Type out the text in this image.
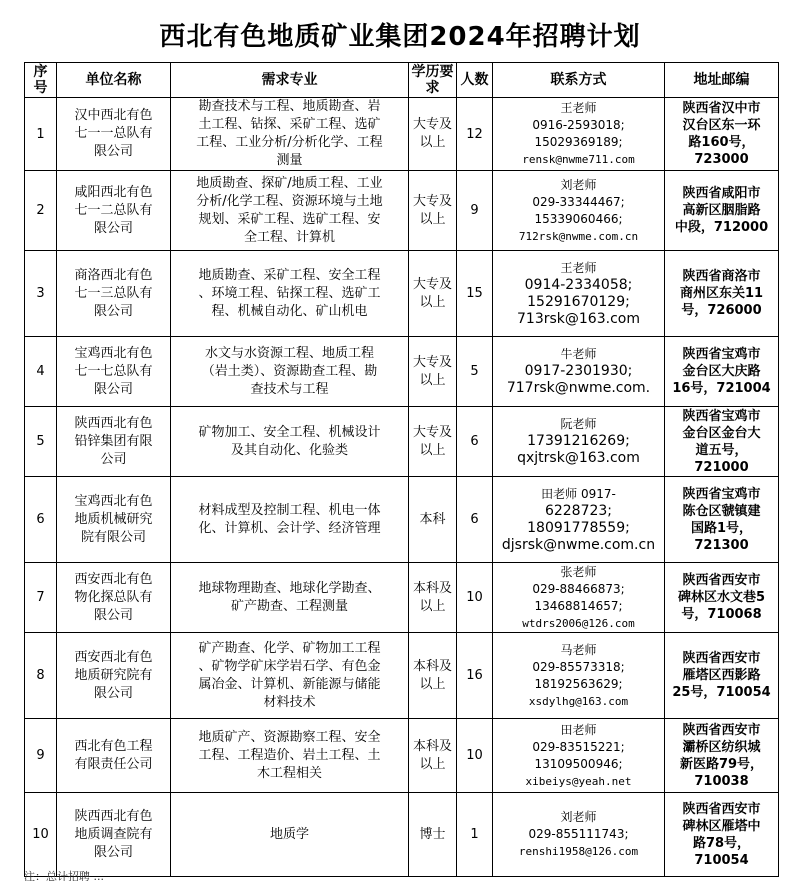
西北有色地质矿业集团2024年招聘计划
序号	单位名称	需求专业	学历要求	人数	联系方式	地址邮编
1	汉中西北有色
七一一总队有
限公司	勘查技术与工程、地质勘查、岩
土工程、钻探、采矿工程、选矿
工程、工业分析/分析化学、工程
测量	大专及
以上	12	王老师
0916-2593018;
15029369189;
rensk@nwme711.com	陕西省汉中市
汉台区东一环
路160号，
723000

2	咸阳西北有色
七一二总队有
限公司	地质勘查、探矿/地质工程、工业
分析/化学工程、资源环境与土地
规划、采矿工程、选矿工程、安
全工程、计算机	大专及
以上	9	刘老师
029-33344467;
15339060466;
712rsk@nwme.com.cn	陕西省咸阳市
高新区胭脂路
中段，712000

3	商洛西北有色
七一三总队有
限公司	地质勘查、采矿工程、安全工程
、环境工程、钻探工程、选矿工
程、机械自动化、矿山机电	大专及
以上	15	王老师
0914-2334058;
15291670129;
713rsk@163.com	陕西省商洛市
商州区东关11
号，726000

4	宝鸡西北有色
七一七总队有
限公司	水文与水资源工程、地质工程
（岩土类）、资源勘查工程、勘
查技术与工程	大专及
以上	5	牛老师
0917-2301930;
717rsk@nwme.com.	陕西省宝鸡市
金台区大庆路
16号，721004

5	陕西西北有色
铅锌集团有限
公司	矿物加工、安全工程、机械设计
及其自动化、化验类	大专及
以上	6	阮老师
17391216269;
qxjtrsk@163.com	陕西省宝鸡市
金台区金台大
道五号，
721000

6	宝鸡西北有色
地质机械研究
院有限公司	材料成型及控制工程、机电一体
化、计算机、会计学、经济管理	本科	6	田老师 0917-
6228723;
18091778559;
djsrsk@nwme.com.cn	陕西省宝鸡市
陈仓区虢镇建
国路1号，
721300

7	西安西北有色
物化探总队有
限公司	地球物理勘查、地球化学勘查、
矿产勘查、工程测量	本科及
以上	10	张老师
029-88466873;
13468814657;
wtdrs2006@126.com	陕西省西安市
碑林区水文巷5
号，710068

8	西安西北有色
地质研究院有
限公司	矿产勘查、化学、矿物加工工程
、矿物学矿床学岩石学、有色金
属冶金、计算机、新能源与储能
材料技术	本科及
以上	16	马老师
029-85573318;
18192563629;
xsdylhg@163.com	陕西省西安市
雁塔区西影路
25号，710054

9	西北有色工程
有限责任公司	地质矿产、资源勘察工程、安全
工程、工程造价、岩土工程、土
木工程相关	本科及
以上	10	田老师
029-83515221;
13109500946;
xibeiys@yeah.net	陕西省西安市
灞桥区纺织城
新医路79号，
710038

10	陕西西北有色
地质调查院有
限公司	地质学	博士	1	刘老师
029-855111743;
renshi1958@126.com	陕西省西安市
碑林区雁塔中
路78号，
710054
注：总计招聘 ...
